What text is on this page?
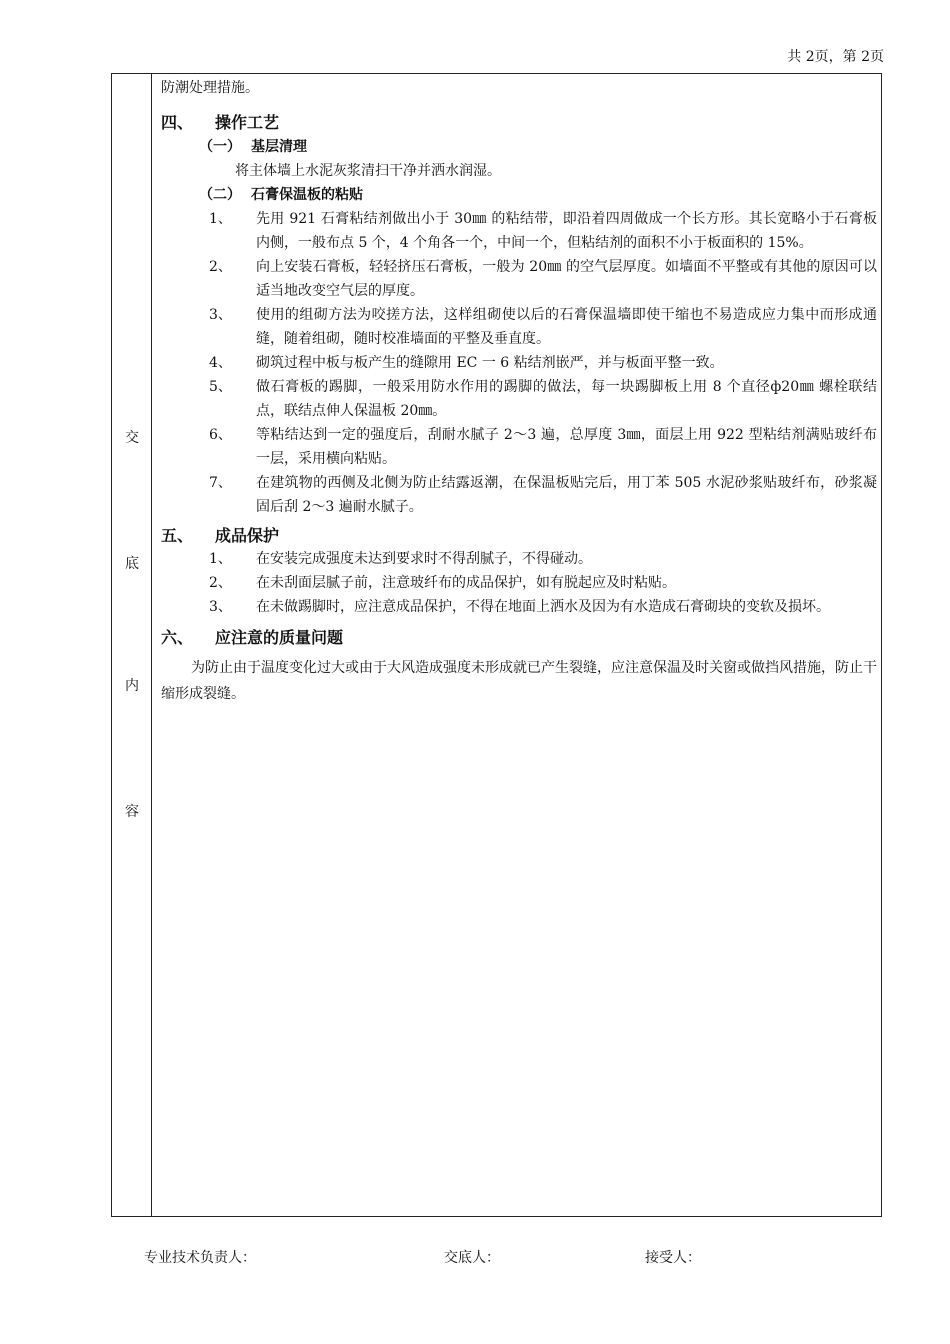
共 2页，第 2页
交
底
内
容
防潮处理措施。
四、 操作工艺
（一） 基层清理
将主体墙上水泥灰浆清扫干净并洒水润湿。
（二） 石膏保温板的粘贴
1、	先用 921 石膏粘结剂做出小于 30㎜ 的粘结带，即沿着四周做成一个长方形。其长宽略小于石膏板内侧，一般布点 5 个，4 个角各一个，中间一个，但粘结剂的面积不小于板面积的 15%。
2、	向上安装石膏板，轻轻挤压石膏板，一般为 20㎜ 的空气层厚度。如墙面不平整或有其他的原因可以适当地改变空气层的厚度。
3、	使用的组砌方法为咬搓方法，这样组砌使以后的石膏保温墙即使干缩也不易造成应力集中而形成通缝，随着组砌，随时校准墙面的平整及垂直度。
4、	砌筑过程中板与板产生的缝隙用 EC 一 6 粘结剂嵌严，并与板面平整一致。
5、	做石膏板的踢脚，一般采用防水作用的踢脚的做法，每一块踢脚板上用 8 个直径ф20㎜ 螺栓联结点，联结点伸人保温板 20㎜。
6、	等粘结达到一定的强度后，刮耐水腻子 2～3 遍，总厚度 3㎜，面层上用 922 型粘结剂满贴玻纤布一层，采用横向粘贴。
7、	在建筑物的西侧及北侧为防止结露返潮，在保温板贴完后，用丁苯 505 水泥砂浆贴玻纤布，砂浆凝固后刮 2～3 遍耐水腻子。
五、 成品保护
1、	在安装完成强度未达到要求时不得刮腻子，不得碰动。
2、	在未刮面层腻子前，注意玻纤布的成品保护，如有脱起应及时粘贴。
3、	在未做踢脚时，应注意成品保护，不得在地面上洒水及因为有水造成石膏砌块的变软及损坏。
六、 应注意的质量问题
为防止由于温度变化过大或由于大风造成强度未形成就已产生裂缝，应注意保温及时关窗或做挡风措施，防止干缩形成裂缝。
专业技术负责人：	交底人：	接受人：
